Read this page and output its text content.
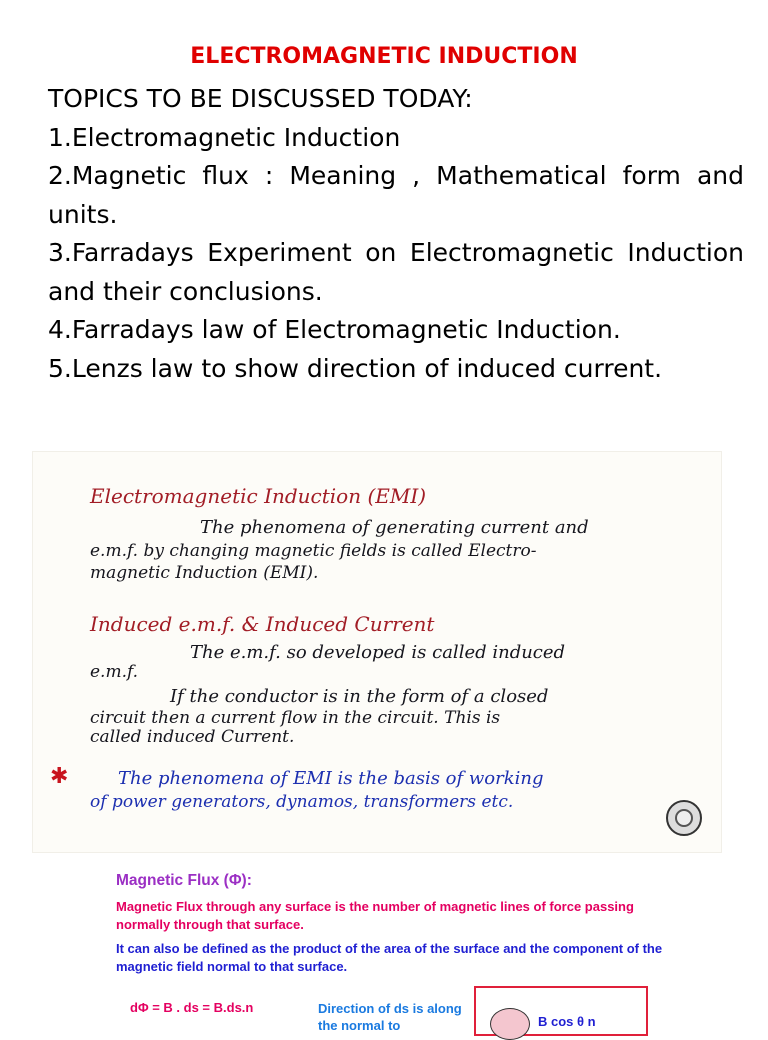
ELECTROMAGNETIC INDUCTION
TOPICS TO BE DISCUSSED TODAY:
1.Electromagnetic Induction
2.Magnetic flux : Meaning , Mathematical form and units.
3.Farradays Experiment on Electromagnetic Induction and their conclusions.
4.Farradays law of Electromagnetic Induction.
5.Lenzs law to show direction of induced current.
Electromagnetic Induction (EMI)
The phenomena of generating current and
e.m.f. by changing magnetic fields is called Electro-
magnetic Induction (EMI).
Induced e.m.f. & Induced Current
The e.m.f. so developed is called induced
e.m.f.
If the conductor is in the form of a closed
circuit then a current flow in the circuit. This is
called induced Current.
✱	The phenomena of EMI is the basis of working
of power generators, dynamos, transformers etc.
Magnetic Flux (Φ):
Magnetic Flux through any surface is the number of magnetic lines of force passing normally through that surface.
It can also be defined as the product of the area of the surface and the component of the magnetic field normal to that surface.
dΦ = B . ds = B.ds.n	Direction of ds is along the normal to	B cos θ n
